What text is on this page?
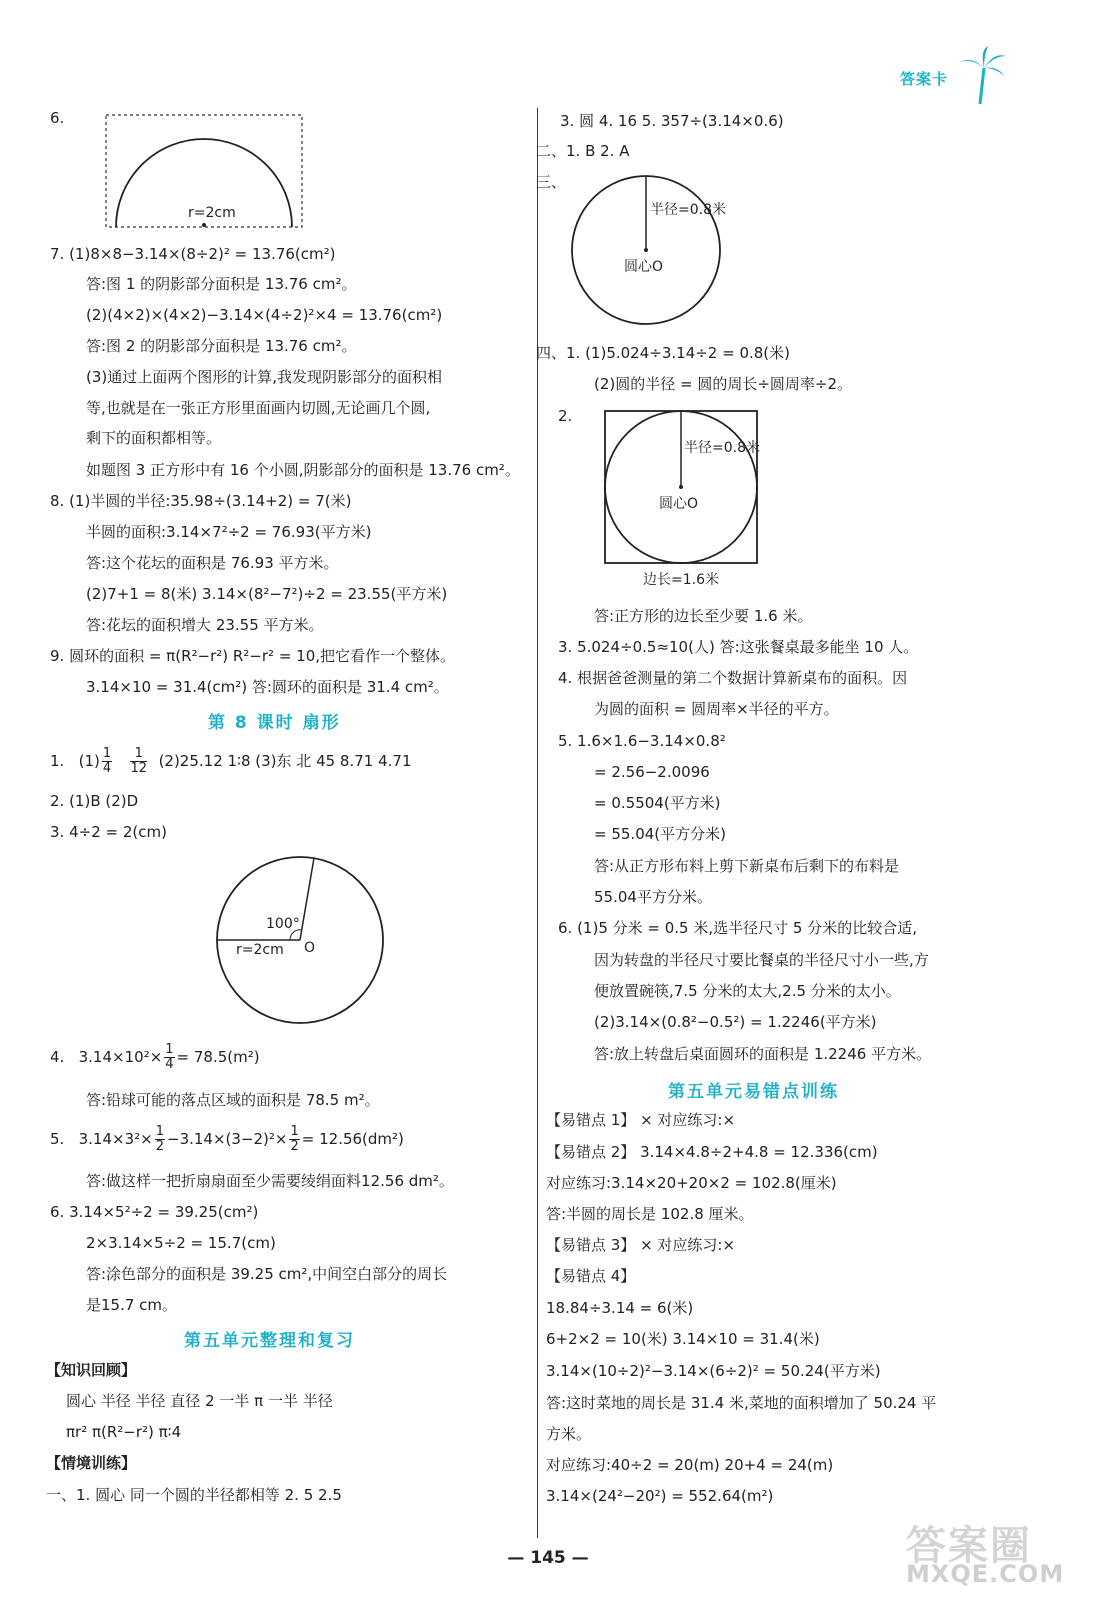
答案卡
6.
r=2cm
7. (1)8×8−3.14×(8÷2)² = 13.76(cm²)
答:图 1 的阴影部分面积是 13.76 cm²。
(2)(4×2)×(4×2)−3.14×(4÷2)²×4 = 13.76(cm²)
答:图 2 的阴影部分面积是 13.76 cm²。
(3)通过上面两个图形的计算,我发现阴影部分的面积相
等,也就是在一张正方形里面画内切圆,无论画几个圆,
剩下的面积都相等。
如题图 3 正方形中有 16 个小圆,阴影部分的面积是 13.76 cm²。
8. (1)半圆的半径:35.98÷(3.14+2) = 7(米)
半圆的面积:3.14×7²÷2 = 76.93(平方米)
答:这个花坛的面积是 76.93 平方米。
(2)7+1 = 8(米) 3.14×(8²−7²)÷2 = 23.55(平方米)
答:花坛的面积增大 23.55 平方米。
9. 圆环的面积 = π(R²−r²) R²−r² = 10,把它看作一个整体。
3.14×10 = 31.4(cm²) 答:圆环的面积是 31.4 cm²。
第 8 课时 扇形
1. $(1) \frac{1}{4}$
$\frac{1}{12} (2)25.12$ 1∶8 (3)东 北 45 8.71 4.71
2. (1)B (2)D
3. 4÷2 = 2(cm)
100°
r=2cm O
4. $3.14\times 10^2\times \frac{1}{4} = 78.5(m^2)$
答:铅球可能的落点区域的面积是 78.5 m²。
5. $3.14\times 3^2\times \frac{1}{2} -3.14\times(3-2)^2\times \frac{1}{2} = 12.56(dm^2)$
答:做这样一把折扇扇面至少需要绫绢面料12.56 dm²。
6. 3.14×5²÷2 = 39.25(cm²)
2×3.14×5÷2 = 15.7(cm)
答:涂色部分的面积是 39.25 cm²,中间空白部分的周长
是15.7 cm。
第五单元整理和复习
【知识回顾】
圆心 半径 半径 直径 2 一半 π 一半 半径
πr² π(R²−r²) π∶4
【情境训练】
一、1. 圆心 同一个圆的半径都相等 2. 5 2.5
3. 圆 4. 16 5. 357÷(3.14×0.6)
二、1. B 2. A
三、
半径=0.8米
圆心O
四、1. (1)5.024÷3.14÷2 = 0.8(米)
(2)圆的半径 = 圆的周长÷圆周率÷2。
2.
半径=0.8米
圆心O
边长=1.6米
答:正方形的边长至少要 1.6 米。
3. 5.024÷0.5≈10(人) 答:这张餐桌最多能坐 10 人。
4. 根据爸爸测量的第二个数据计算新桌布的面积。因
为圆的面积 = 圆周率×半径的平方。
5. 1.6×1.6−3.14×0.8²
= 2.56−2.0096
= 0.5504(平方米)
= 55.04(平方分米)
答:从正方形布料上剪下新桌布后剩下的布料是
55.04平方分米。
6. (1)5 分米 = 0.5 米,选半径尺寸 5 分米的比较合适,
因为转盘的半径尺寸要比餐桌的半径尺寸小一些,方
便放置碗筷,7.5 分米的太大,2.5 分米的太小。
(2)3.14×(0.8²−0.5²) = 1.2246(平方米)
答:放上转盘后桌面圆环的面积是 1.2246 平方米。
第五单元易错点训练
【易错点 1】 × 对应练习:×
【易错点 2】 3.14×4.8÷2+4.8 = 12.336(cm)
对应练习:3.14×20+20×2 = 102.8(厘米)
答:半圆的周长是 102.8 厘米。
【易错点 3】 × 对应练习:×
【易错点 4】
18.84÷3.14 = 6(米)
6+2×2 = 10(米) 3.14×10 = 31.4(米)
3.14×(10÷2)²−3.14×(6÷2)² = 50.24(平方米)
答:这时菜地的周长是 31.4 米,菜地的面积增加了 50.24 平
方米。
对应练习:40÷2 = 20(m) 20+4 = 24(m)
3.14×(24²−20²) = 552.64(m²)
— 145 —	答案圈
MXQE.COM
